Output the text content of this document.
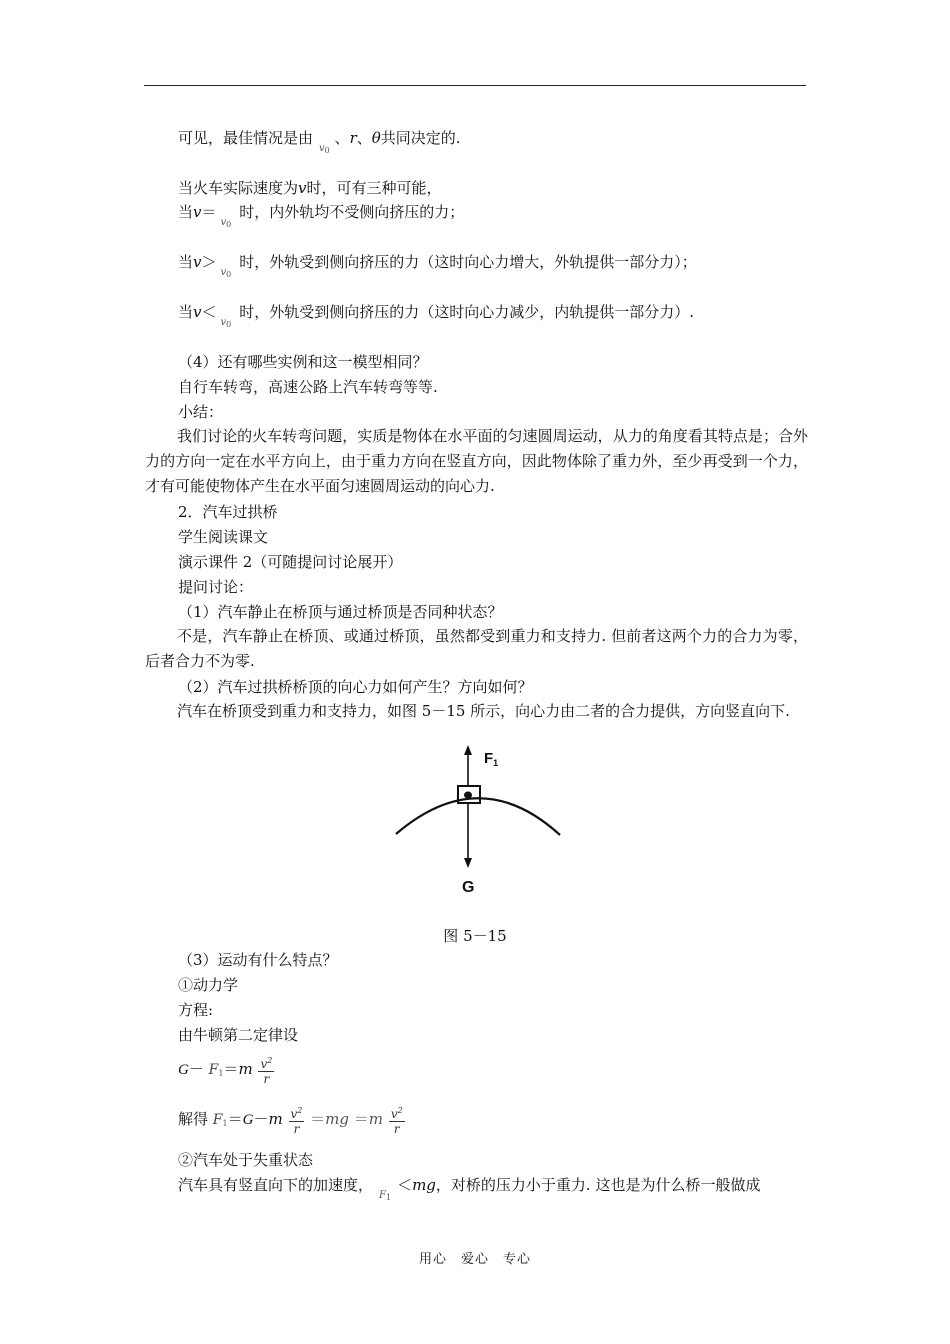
可见，最佳情况是由$_{v_0}$ 、r、θ共同决定的.
当火车实际速度为v时，可有三种可能，
当$v=_{v_0}$时，内外轨均不受侧向挤压的力；
当$v>_{v_0}$时，外轨受到侧向挤压的力（这时向心力增大，外轨提供一部分力）；
当$v<_{v_0}$时，外轨受到侧向挤压的力（这时向心力减少，内轨提供一部分力）.
（4）还有哪些实例和这一模型相同？
自行车转弯，高速公路上汽车转弯等等.
小结：
我们讨论的火车转弯问题，实质是物体在水平面的匀速圆周运动，从力的角度看其特点是；合外力的方向一定在水平方向上，由于重力方向在竖直方向，因此物体除了重力外，至少再受到一个力，才有可能使物体产生在水平面匀速圆周运动的向心力.
2．汽车过拱桥
学生阅读课文
演示课件 2（可随提问讨论展开）
提问讨论：
（1）汽车静止在桥顶与通过桥顶是否同种状态？
不是，汽车静止在桥顶、或通过桥顶，虽然都受到重力和支持力. 但前者这两个力的合力为零，后者合力不为零.
（2）汽车过拱桥桥顶的向心力如何产生？方向如何？
汽车在桥顶受到重力和支持力，如图 5－15 所示，向心力由二者的合力提供，方向竖直向下.
$F_1$
G
图 5－15
（3）运动有什么特点？
①动力学
方程:
由牛顿第二定律设
$G- F1=m \frac{v^2}{r}$
解得 $F1=G-m \frac{v^2}{r} =mg =m \frac{v^2}{r}$
②汽车处于失重状态
汽车具有竖直向下的加速度，$_{F_1}$＜mg，对桥的压力小于重力. 这也是为什么桥一般做成
用心　爱心　专心
